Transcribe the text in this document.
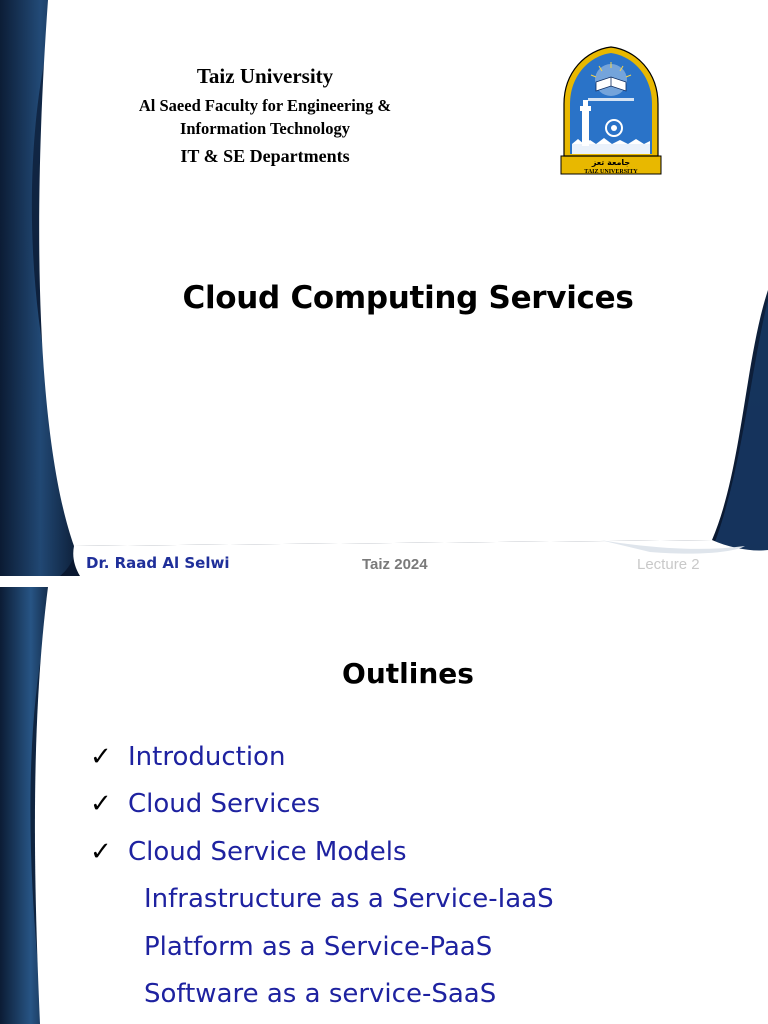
Taiz University
Al Saeed Faculty for Engineering &
Information Technology
IT & SE Departments	جامعة تعز
TAIZ UNIVERSITY
Cloud Computing Services
Dr. Raad Al Selwi	Taiz 2024	Lecture 2
Outlines
✓ Introduction
✓ Cloud Services
✓ Cloud Service Models
Infrastructure as a Service-IaaS
Platform as a Service-PaaS
Software as a service-SaaS
